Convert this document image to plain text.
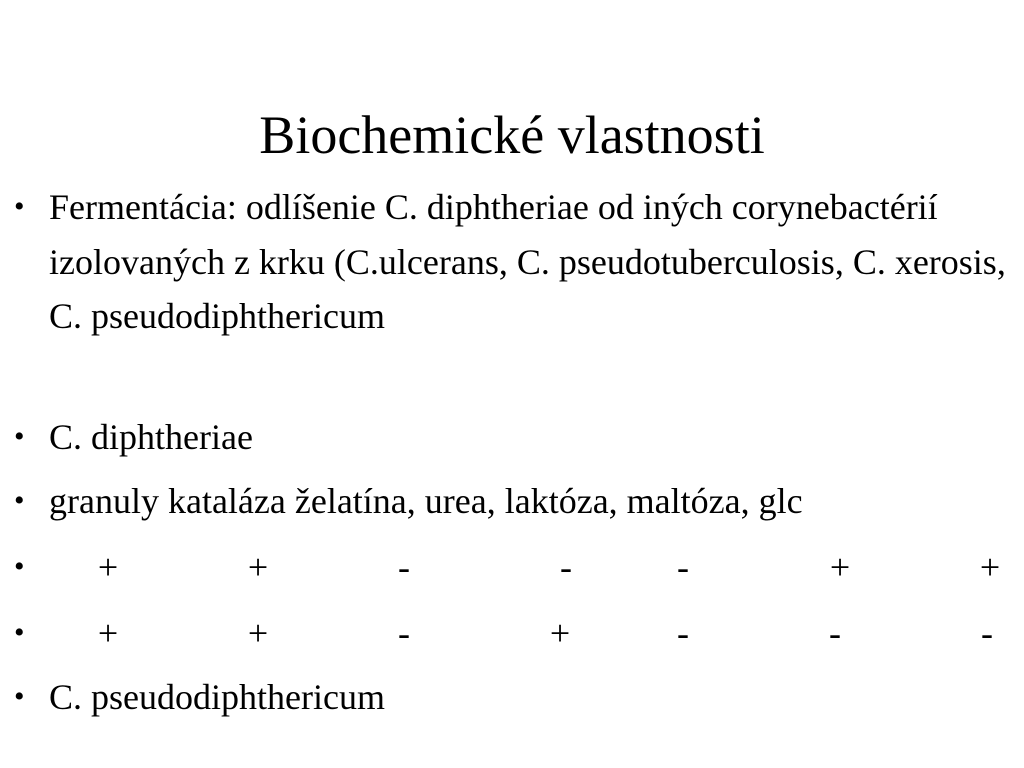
Biochemické vlastnosti
• Fermentácia: odlíšenie C. diphtheriae od iných corynebactérií izolovaných z krku (C.ulcerans, C. pseudotuberculosis, C. xerosis, C. pseudodiphthericum
• C. diphtheriae
• granuly kataláza želatína, urea, laktóza, maltóza, glc
• +	+	-	-	-	+	+
• +	+	-	+	-	-	-
• C. pseudodiphthericum
